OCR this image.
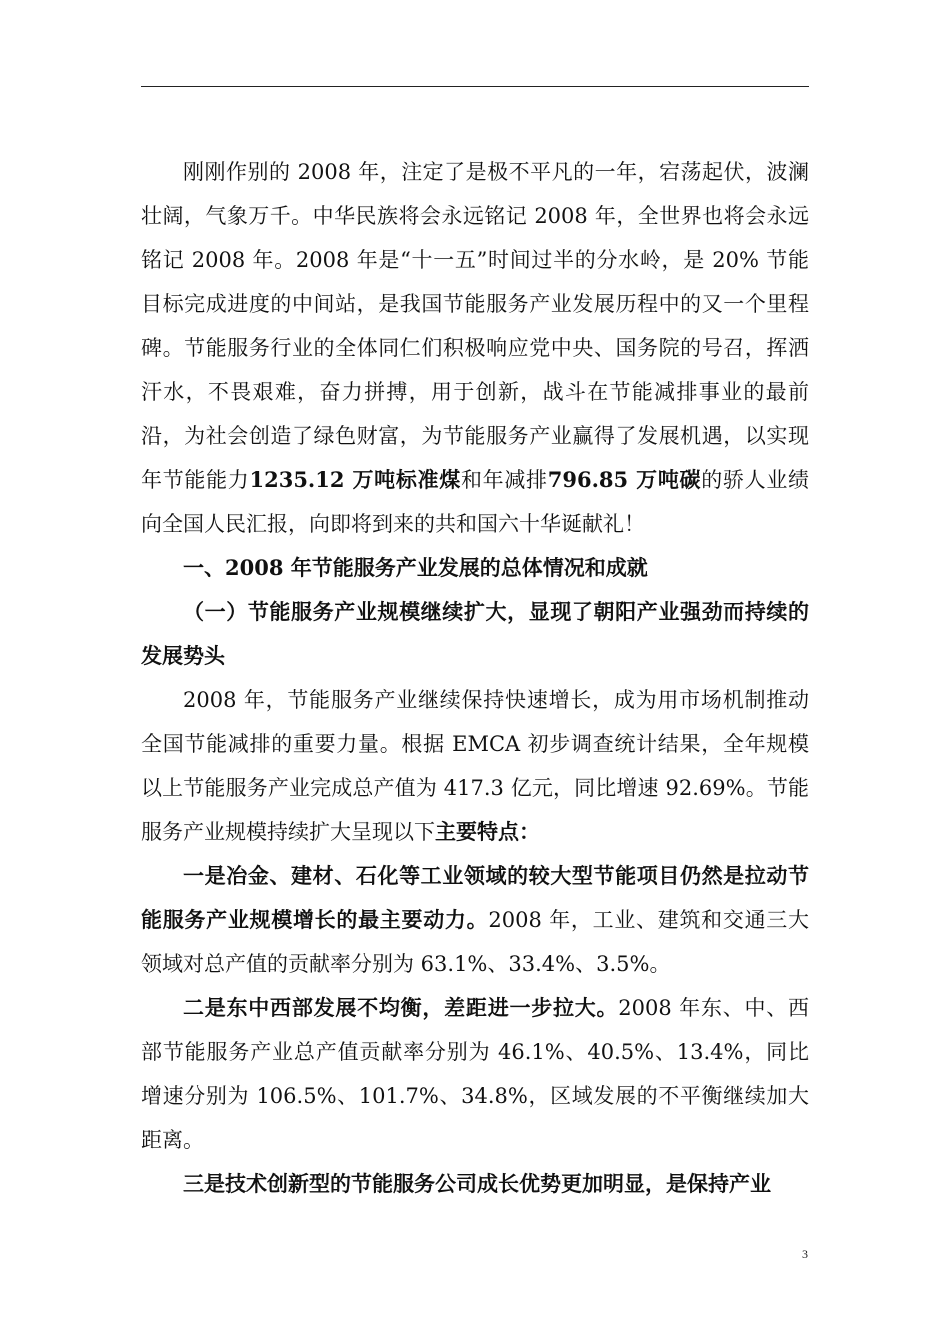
刚刚作别的 2008 年，注定了是极不平凡的一年，宕荡起伏，波澜壮阔，气象万千。中华民族将会永远铭记 2008 年，全世界也将会永远铭记 2008 年。2008 年是“十一五”时间过半的分水岭，是 20% 节能目标完成进度的中间站，是我国节能服务产业发展历程中的又一个里程碑。节能服务行业的全体同仁们积极响应党中央、国务院的号召，挥洒汗水，不畏艰难，奋力拼搏，用于创新，战斗在节能减排事业的最前沿，为社会创造了绿色财富，为节能服务产业赢得了发展机遇，以实现年节能能力1235.12 万吨标准煤和年减排796.85 万吨碳的骄人业绩向全国人民汇报，向即将到来的共和国六十华诞献礼！

一、2008 年节能服务产业发展的总体情况和成就

（一）节能服务产业规模继续扩大，显现了朝阳产业强劲而持续的发展势头

2008 年，节能服务产业继续保持快速增长，成为用市场机制推动全国节能减排的重要力量。根据 EMCA 初步调查统计结果，全年规模以上节能服务产业完成总产值为 417.3 亿元，同比增速 92.69%。节能服务产业规模持续扩大呈现以下主要特点：

一是冶金、建材、石化等工业领域的较大型节能项目仍然是拉动节能服务产业规模增长的最主要动力。2008 年，工业、建筑和交通三大领域对总产值的贡献率分别为 63.1%、33.4%、3.5%。

二是东中西部发展不均衡，差距进一步拉大。2008 年东、中、西部节能服务产业总产值贡献率分别为 46.1%、40.5%、13.4%，同比增速分别为 106.5%、101.7%、34.8%，区域发展的不平衡继续加大距离。

三是技术创新型的节能服务公司成长优势更加明显，是保持产业

3
